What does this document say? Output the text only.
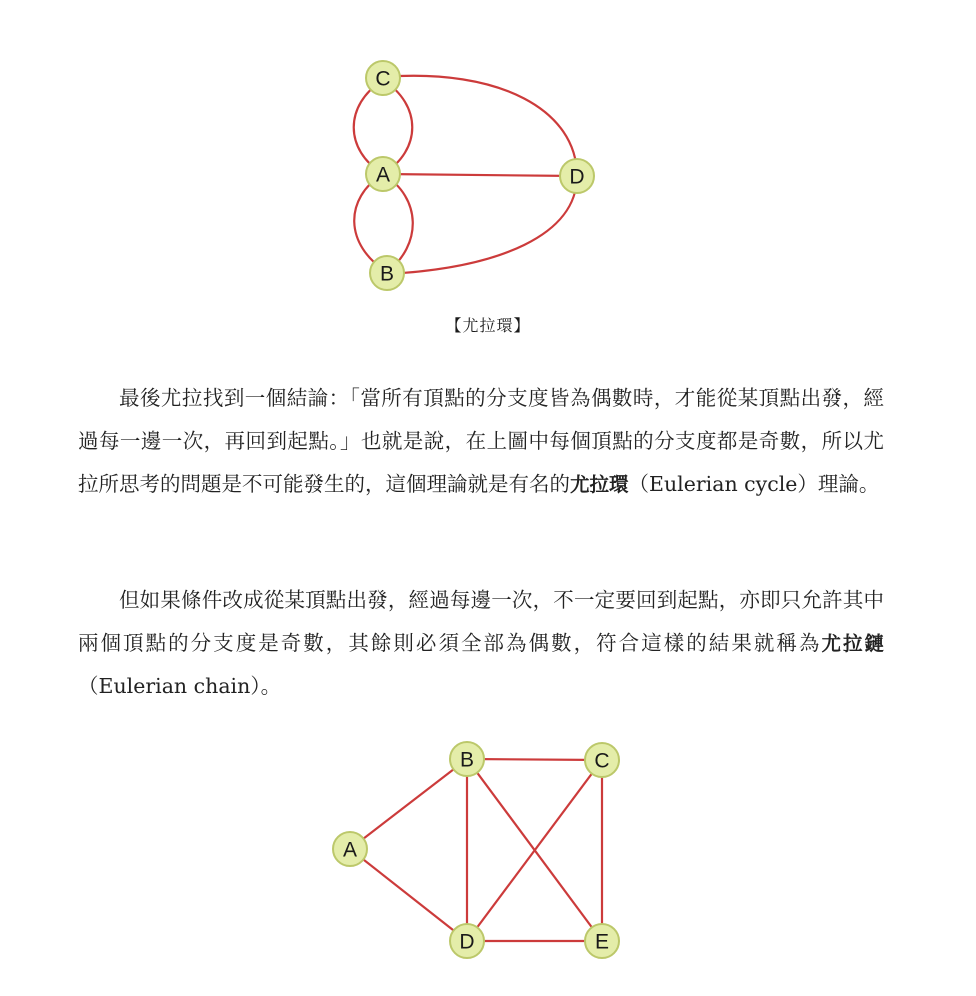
C
A	D
B
【尤拉環】

最後尤拉找到一個結論：「當所有頂點的分支度皆為偶數時，才能從某頂點出發，經過每一邊一次，再回到起點。」也就是說，在上圖中每個頂點的分支度都是奇數，所以尤拉所思考的問題是不可能發生的，這個理論就是有名的尤拉環（Eulerian cycle）理論。

但如果條件改成從某頂點出發，經過每邊一次，不一定要回到起點，亦即只允許其中兩個頂點的分支度是奇數，其餘則必須全部為偶數，符合這樣的結果就稱為尤拉鏈（Eulerian chain）。

A
B	C
D	E
